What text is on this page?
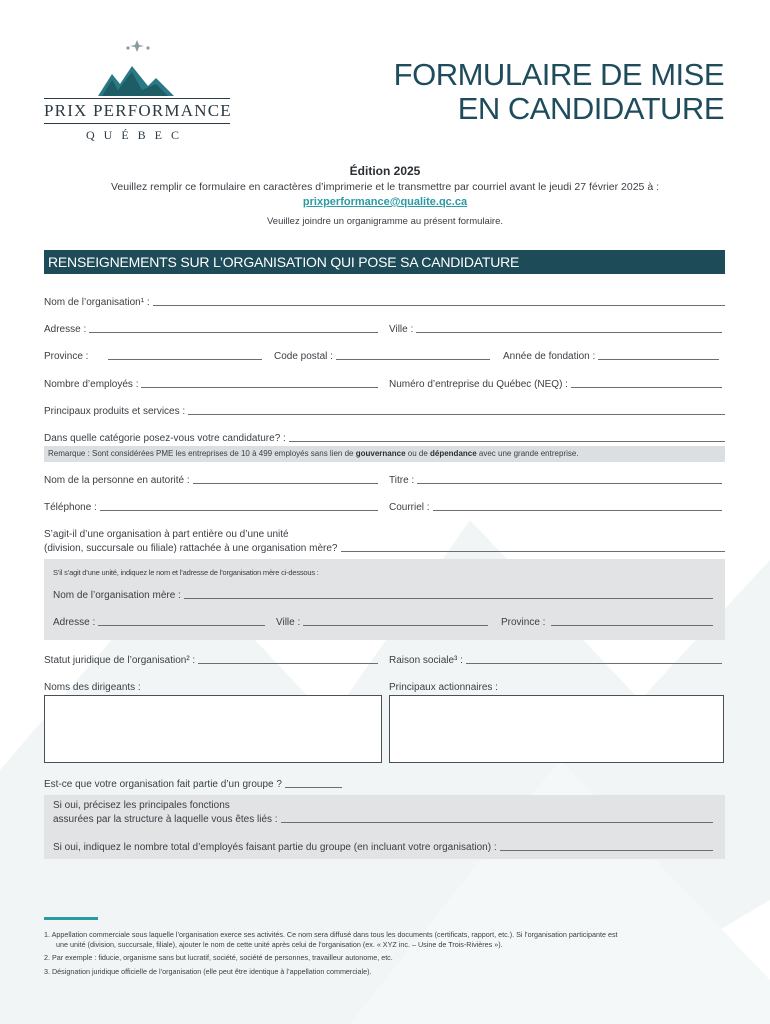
PRIX PERFORMANCE
QUÉBEC
FORMULAIRE DE MISE
EN CANDIDATURE
Édition 2025
Veuillez remplir ce formulaire en caractères d’imprimerie et le transmettre par courriel avant le jeudi 27 février 2025 à :
prixperformance@qualite.qc.ca
Veuillez joindre un organigramme au présent formulaire.
RENSEIGNEMENTS SUR L’ORGANISATION QUI POSE SA CANDIDATURE
Nom de l’organisation¹ :
Adresse :	Ville :
Province :	Code postal :	Année de fondation :
Nombre d’employés :	Numéro d’entreprise du Québec (NEQ) :
Principaux produits et services :
Dans quelle catégorie posez-vous votre candidature? :
Remarque : Sont considérées PME les entreprises de 10 à 499 employés sans lien de gouvernance ou de dépendance avec une grande entreprise.
Nom de la personne en autorité :	Titre :
Téléphone :	Courriel :
S’agit-il d’une organisation à part entière ou d’une unité
(division, succursale ou filiale) rattachée à une organisation mère?
S’il s’agit d’une unité, indiquez le nom et l’adresse de l’organisation mère ci-dessous :
Nom de l’organisation mère :
Adresse :	Ville :	Province :
Statut juridique de l’organisation² :	Raison sociale³ :
Noms des dirigeants :	Principaux actionnaires :
Est-ce que votre organisation fait partie d’un groupe ?
Si oui, précisez les principales fonctions
assurées par la structure à laquelle vous êtes liés :
Si oui, indiquez le nombre total d’employés faisant partie du groupe (en incluant votre organisation) :
1. Appellation commerciale sous laquelle l’organisation exerce ses activités. Ce nom sera diffusé dans tous les documents (certificats, rapport, etc.). Si l’organisation participante est
une unité (division, succursale, filiale), ajouter le nom de cette unité après celui de l’organisation (ex. « XYZ inc. – Usine de Trois-Rivières »).
2. Par exemple : fiducie, organisme sans but lucratif, société, société de personnes, travailleur autonome, etc.
3. Désignation juridique officielle de l’organisation (elle peut être identique à l’appellation commerciale).
